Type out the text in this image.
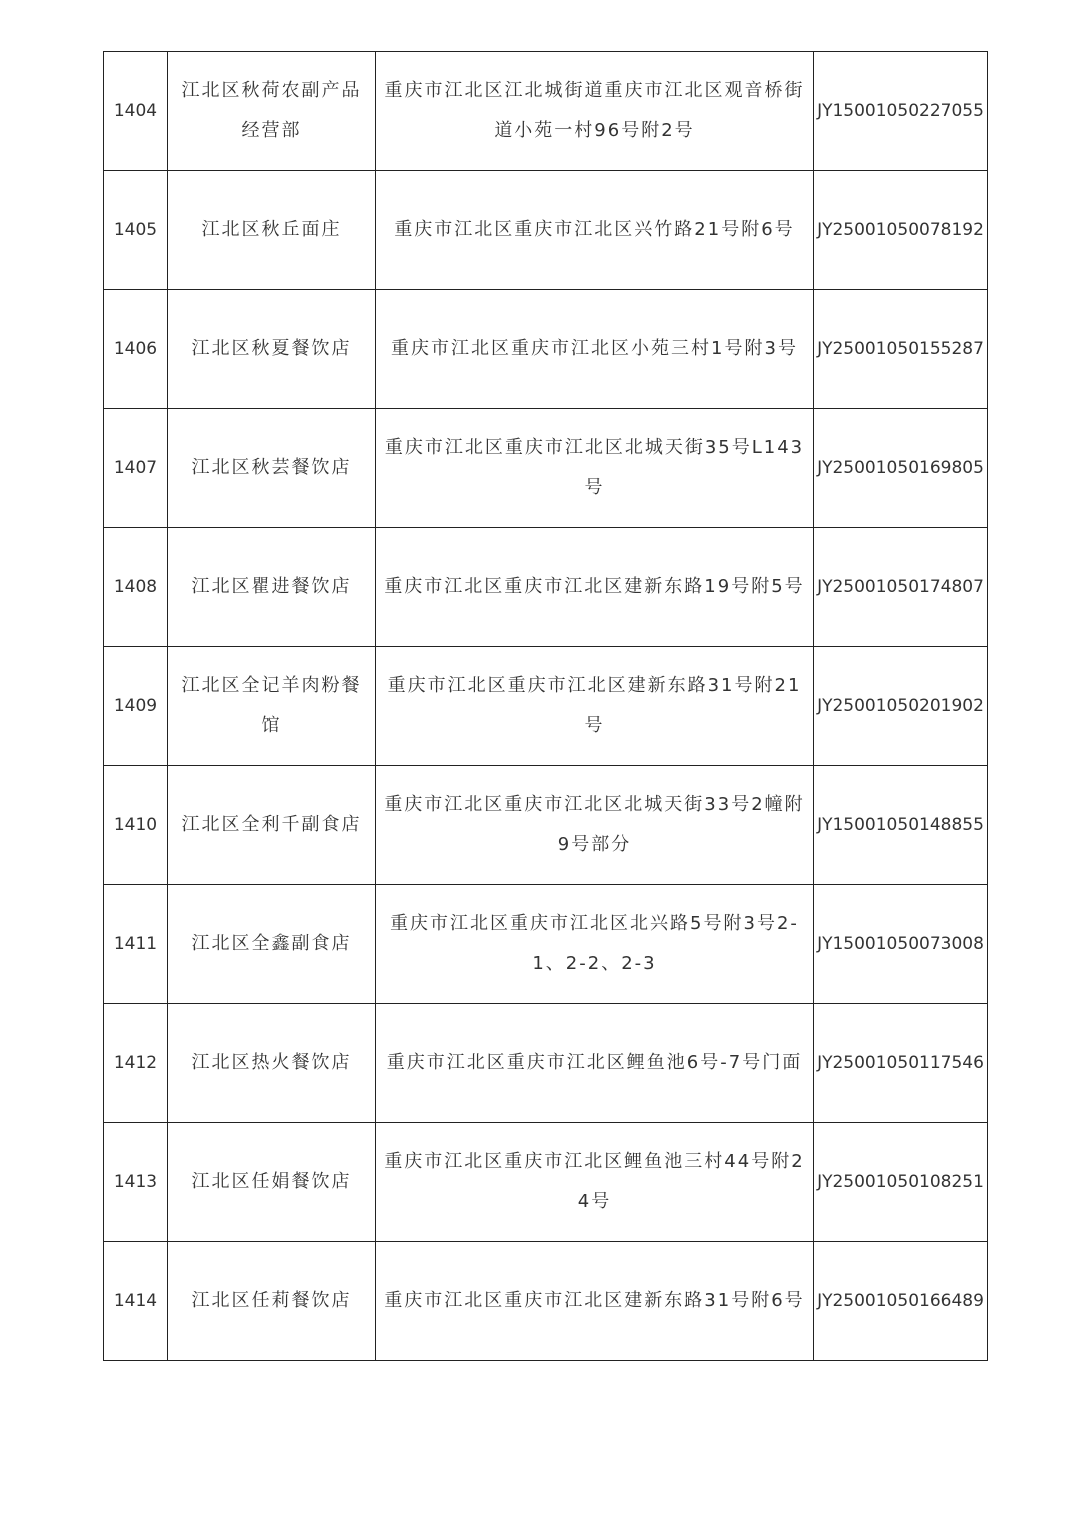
1404	江北区秋荷农副产品经营部	重庆市江北区江北城街道重庆市江北区观音桥街道小苑一村96号附2号	JY15001050227055
1405	江北区秋丘面庄	重庆市江北区重庆市江北区兴竹路21号附6号	JY25001050078192
1406	江北区秋夏餐饮店	重庆市江北区重庆市江北区小苑三村1号附3号	JY25001050155287
1407	江北区秋芸餐饮店	重庆市江北区重庆市江北区北城天街35号L143号	JY25001050169805
1408	江北区瞿进餐饮店	重庆市江北区重庆市江北区建新东路19号附5号	JY25001050174807
1409	江北区全记羊肉粉餐馆	重庆市江北区重庆市江北区建新东路31号附21号	JY25001050201902
1410	江北区全利千副食店	重庆市江北区重庆市江北区北城天街33号2幢附9号部分	JY15001050148855
1411	江北区全鑫副食店	重庆市江北区重庆市江北区北兴路5号附3号2-1、2-2、2-3	JY15001050073008
1412	江北区热火餐饮店	重庆市江北区重庆市江北区鲤鱼池6号-7号门面	JY25001050117546
1413	江北区任娟餐饮店	重庆市江北区重庆市江北区鲤鱼池三村44号附24号	JY25001050108251
1414	江北区任莉餐饮店	重庆市江北区重庆市江北区建新东路31号附6号	JY25001050166489
